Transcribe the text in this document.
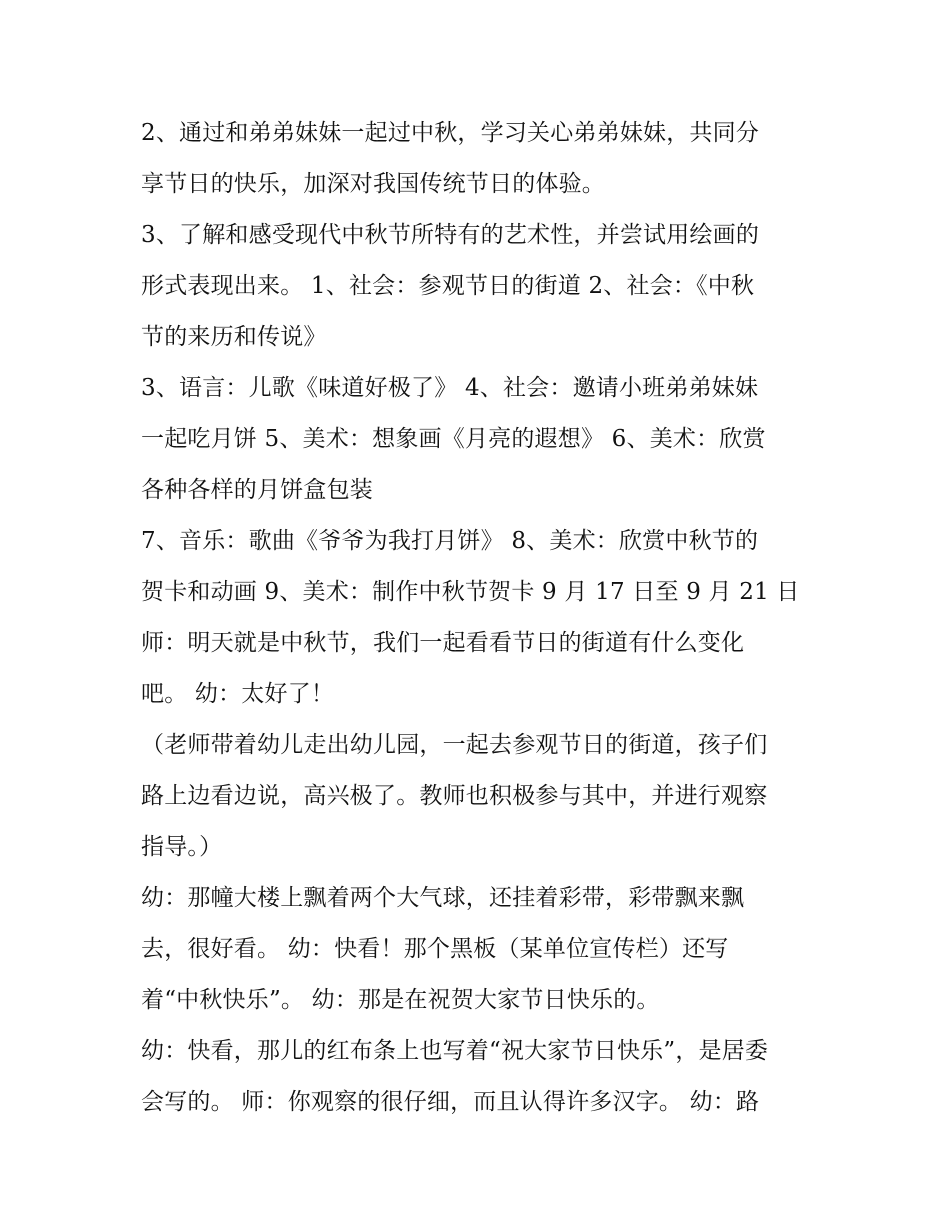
2、通过和弟弟妹妹一起过中秋，学习关心弟弟妹妹，共同分
享节日的快乐，加深对我国传统节日的体验。
3、了解和感受现代中秋节所特有的艺术性，并尝试用绘画的
形式表现出来。 1、社会：参观节日的街道 2、社会：《中秋
节的来历和传说》
3、语言：儿歌《味道好极了》 4、社会：邀请小班弟弟妹妹
一起吃月饼 5、美术：想象画《月亮的遐想》 6、美术：欣赏
各种各样的月饼盒包装
7、音乐：歌曲《爷爷为我打月饼》 8、美术：欣赏中秋节的
贺卡和动画 9、美术：制作中秋节贺卡 9 月 17 日至 9 月 21 日
师：明天就是中秋节，我们一起看看节日的街道有什么变化
吧。 幼：太好了！
（老师带着幼儿走出幼儿园，一起去参观节日的街道，孩子们
路上边看边说，高兴极了。教师也积极参与其中，并进行观察
指导。）
幼：那幢大楼上飘着两个大气球，还挂着彩带，彩带飘来飘
去，很好看。 幼：快看！那个黑板（某单位宣传栏）还写
着“中秋快乐”。 幼：那是在祝贺大家节日快乐的。
幼：快看，那儿的红布条上也写着“祝大家节日快乐”，是居委
会写的。 师：你观察的很仔细，而且认得许多汉字。 幼：路
